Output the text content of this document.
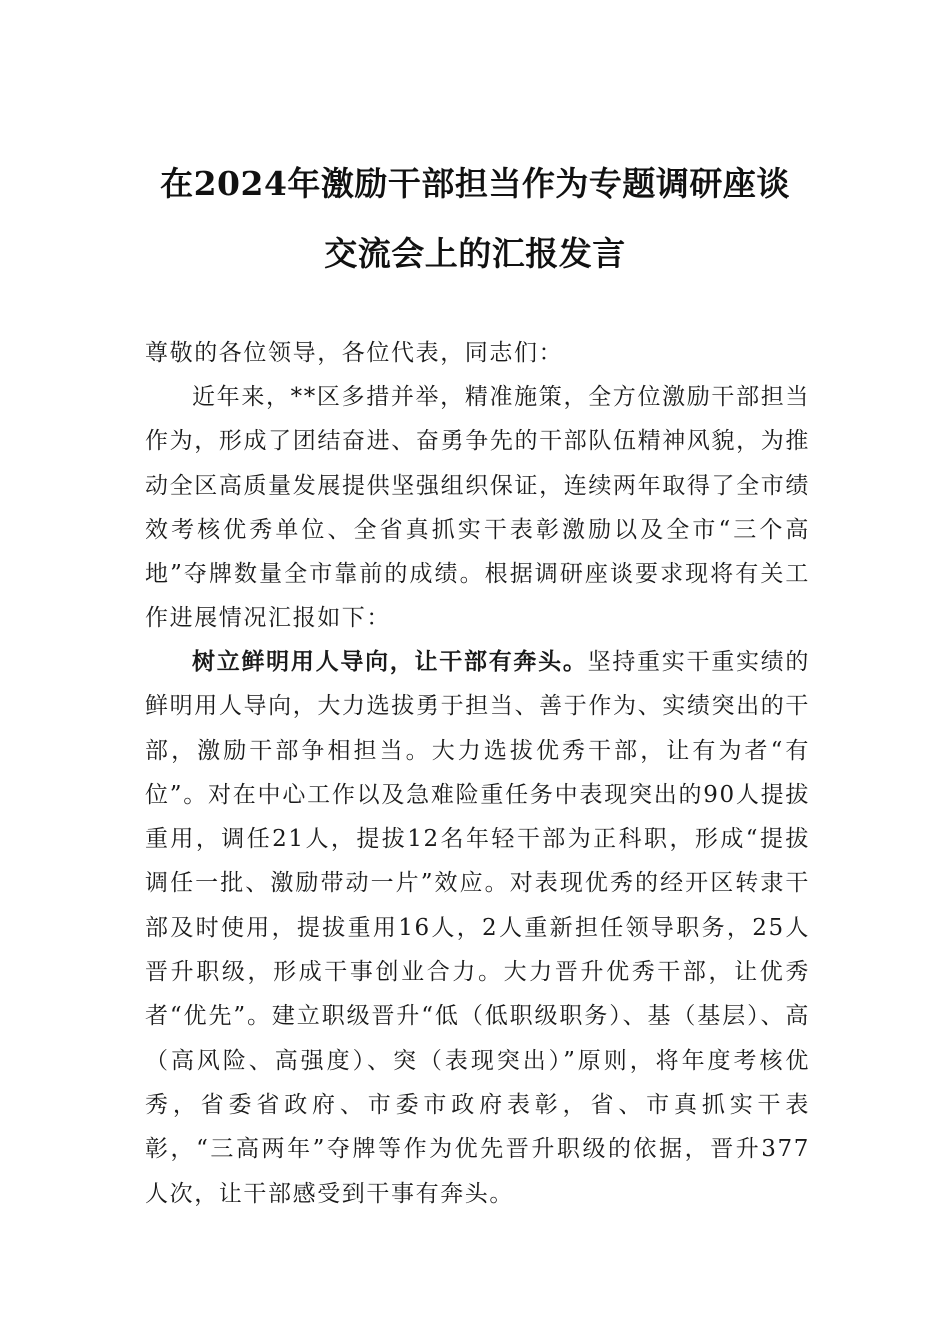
在2024年激励干部担当作为专题调研座谈
交流会上的汇报发言
尊敬的各位领导，各位代表，同志们：

近年来，**区多措并举，精准施策，全方位激励干部担当作为，形成了团结奋进、奋勇争先的干部队伍精神风貌，为推动全区高质量发展提供坚强组织保证，连续两年取得了全市绩效考核优秀单位、全省真抓实干表彰激励以及全市“三个高地”夺牌数量全市靠前的成绩。根据调研座谈要求现将有关工作进展情况汇报如下：

树立鲜明用人导向，让干部有奔头。坚持重实干重实绩的鲜明用人导向，大力选拔勇于担当、善于作为、实绩突出的干部，激励干部争相担当。大力选拔优秀干部，让有为者“有位”。对在中心工作以及急难险重任务中表现突出的90人提拔重用，调任21人，提拔12名年轻干部为正科职，形成“提拔调任一批、激励带动一片”效应。对表现优秀的经开区转隶干部及时使用，提拔重用16人，2人重新担任领导职务，25人晋升职级，形成干事创业合力。大力晋升优秀干部，让优秀者“优先”。建立职级晋升“低（低职级职务）、基（基层）、高（高风险、高强度）、突（表现突出）”原则，将年度考核优秀，省委省政府、市委市政府表彰，省、市真抓实干表彰，“三高两年”夺牌等作为优先晋升职级的依据，晋升377人次，让干部感受到干事有奔头。
